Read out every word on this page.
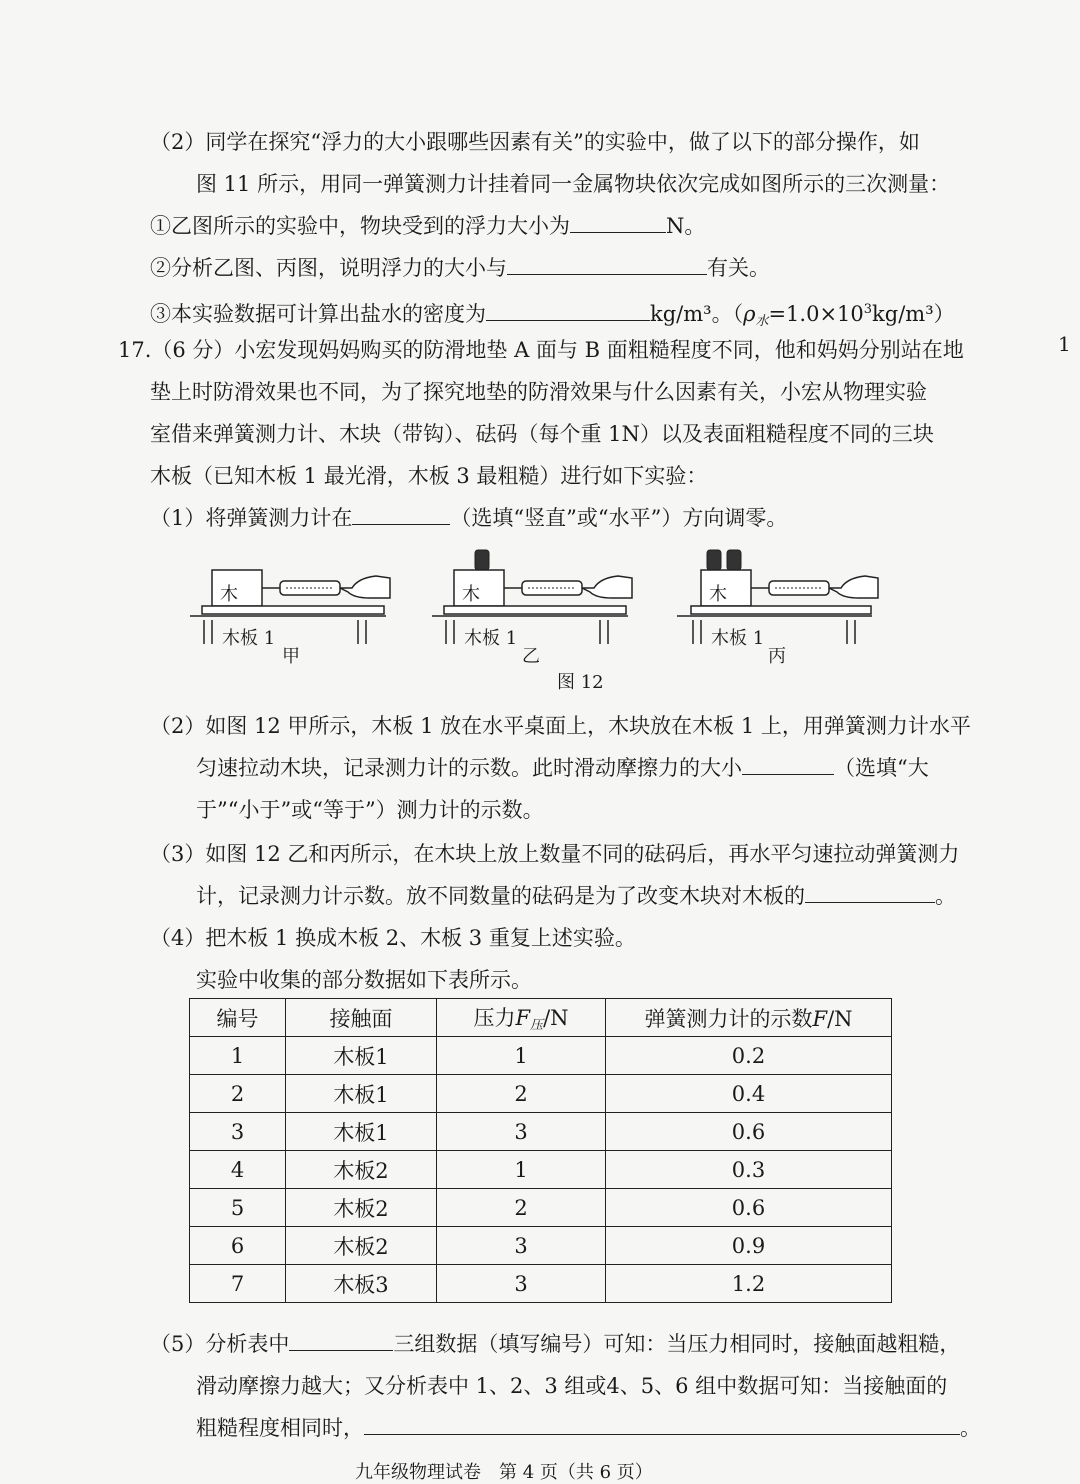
（2）同学在探究“浮力的大小跟哪些因素有关”的实验中，做了以下的部分操作，如
图 11 所示，用同一弹簧测力计挂着同一金属物块依次完成如图所示的三次测量：
①乙图所示的实验中，物块受到的浮力大小为	N。
②分析乙图、丙图，说明浮力的大小与	有关。
③本实验数据可计算出盐水的密度为	kg/m³。$(\rho_水=1.0\times 10^3kg/m^3)$
1
17.（6 分）小宏发现妈妈购买的防滑地垫 A 面与 B 面粗糙程度不同，他和妈妈分别站在地
垫上时防滑效果也不同，为了探究地垫的防滑效果与什么因素有关，小宏从物理实验
室借来弹簧测力计、木块（带钩）、砝码（每个重 1N）以及表面粗糙程度不同的三块
木板（已知木板 1 最光滑，木板 3 最粗糙）进行如下实验：
（1）将弹簧测力计在	（选填“竖直”或“水平”）方向调零。
木	木	木
木板 1	木板 1	木板 1
甲	乙	丙
图 12
（2）如图 12 甲所示，木板 1 放在水平桌面上，木块放在木板 1 上，用弹簧测力计水平
匀速拉动木块，记录测力计的示数。此时滑动摩擦力的大小	（选填“大
于”“小于”或“等于”）测力计的示数。
（3）如图 12 乙和丙所示，在木块上放上数量不同的砝码后，再水平匀速拉动弹簧测力
计，记录测力计示数。放不同数量的砝码是为了改变木块对木板的	。
（4）把木板 1 换成木板 2、木板 3 重复上述实验。
实验中收集的部分数据如下表所示。
编号	接触面	压力$F_压/N$	弹簧测力计的示数F/N
1	木板1	1	0.2
2	木板1	2	0.4
3	木板1	3	0.6
4	木板2	1	0.3
5	木板2	2	0.6
6	木板2	3	0.9
7	木板3	3	1.2
（5）分析表中	三组数据（填写编号）可知：当压力相同时，接触面越粗糙，
滑动摩擦力越大；又分析表中 1、2、3 组或4、5、6 组中数据可知：当接触面的
粗糙程度相同时，	。
九年级物理试卷　第 4 页（共 6 页）
